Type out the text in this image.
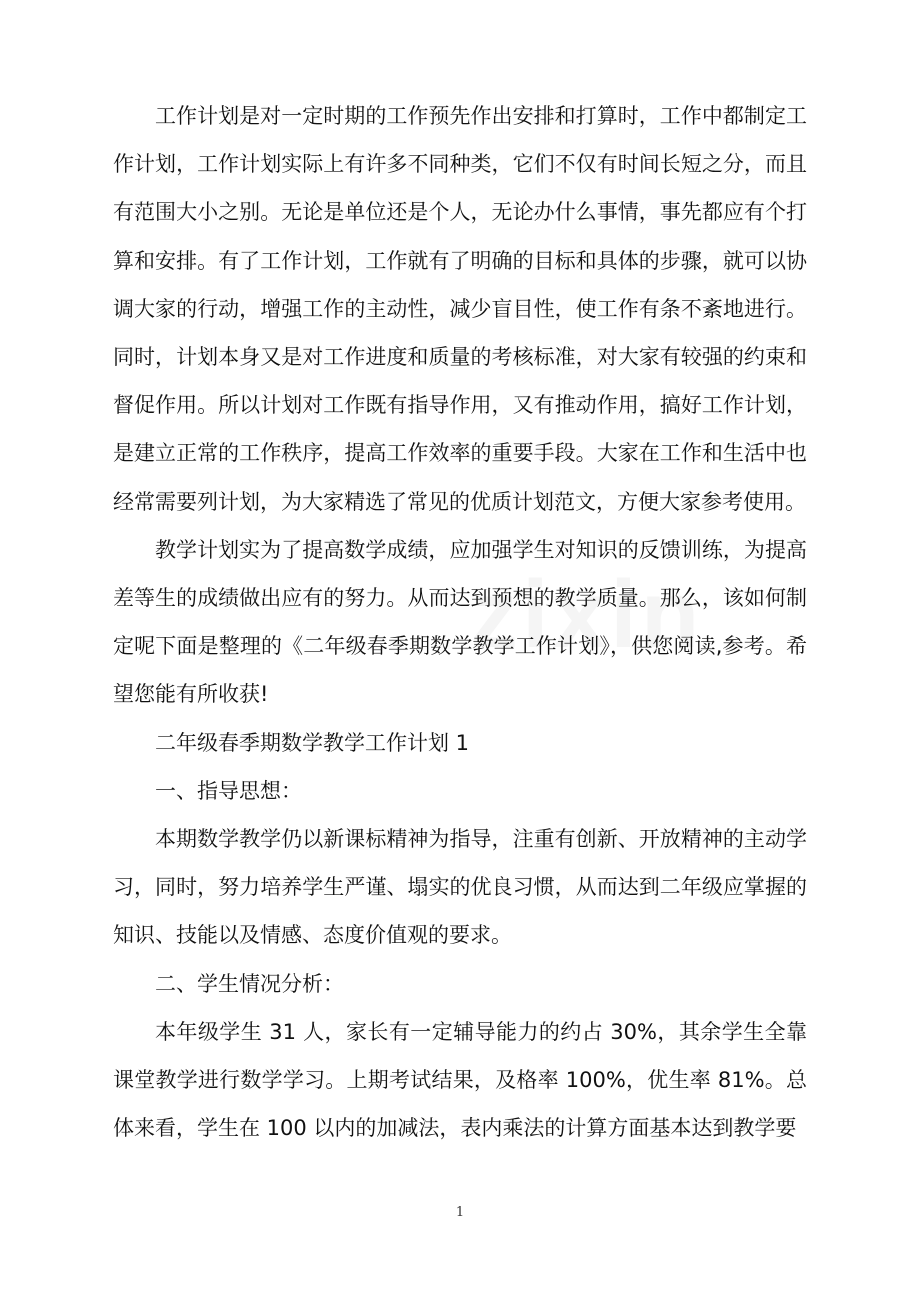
工作计划是对一定时期的工作预先作出安排和打算时，工作中都制定工作计划，工作计划实际上有许多不同种类，它们不仅有时间长短之分，而且有范围大小之别。无论是单位还是个人，无论办什么事情，事先都应有个打算和安排。有了工作计划，工作就有了明确的目标和具体的步骤，就可以协调大家的行动，增强工作的主动性，减少盲目性，使工作有条不紊地进行。同时，计划本身又是对工作进度和质量的考核标准，对大家有较强的约束和督促作用。所以计划对工作既有指导作用，又有推动作用，搞好工作计划，是建立正常的工作秩序，提高工作效率的重要手段。大家在工作和生活中也经常需要列计划，为大家精选了常见的优质计划范文，方便大家参考使用。

教学计划实为了提高数学成绩，应加强学生对知识的反馈训练，为提高差等生的成绩做出应有的努力。从而达到预想的教学质量。那么，该如何制定呢下面是整理的《二年级春季期数学教学工作计划》，供您阅读,参考。希望您能有所收获!

二年级春季期数学教学工作计划 1

一、指导思想：

本期数学教学仍以新课标精神为指导，注重有创新、开放精神的主动学习，同时，努力培养学生严谨、塌实的优良习惯，从而达到二年级应掌握的知识、技能以及情感、态度价值观的要求。

二、学生情况分析：

本年级学生 31 人，家长有一定辅导能力的约占 30%，其余学生全靠课堂教学进行数学学习。上期考试结果，及格率 100%，优生率 81%。总体来看，学生在 100 以内的加减法，表内乘法的计算方面基本达到教学要

1
